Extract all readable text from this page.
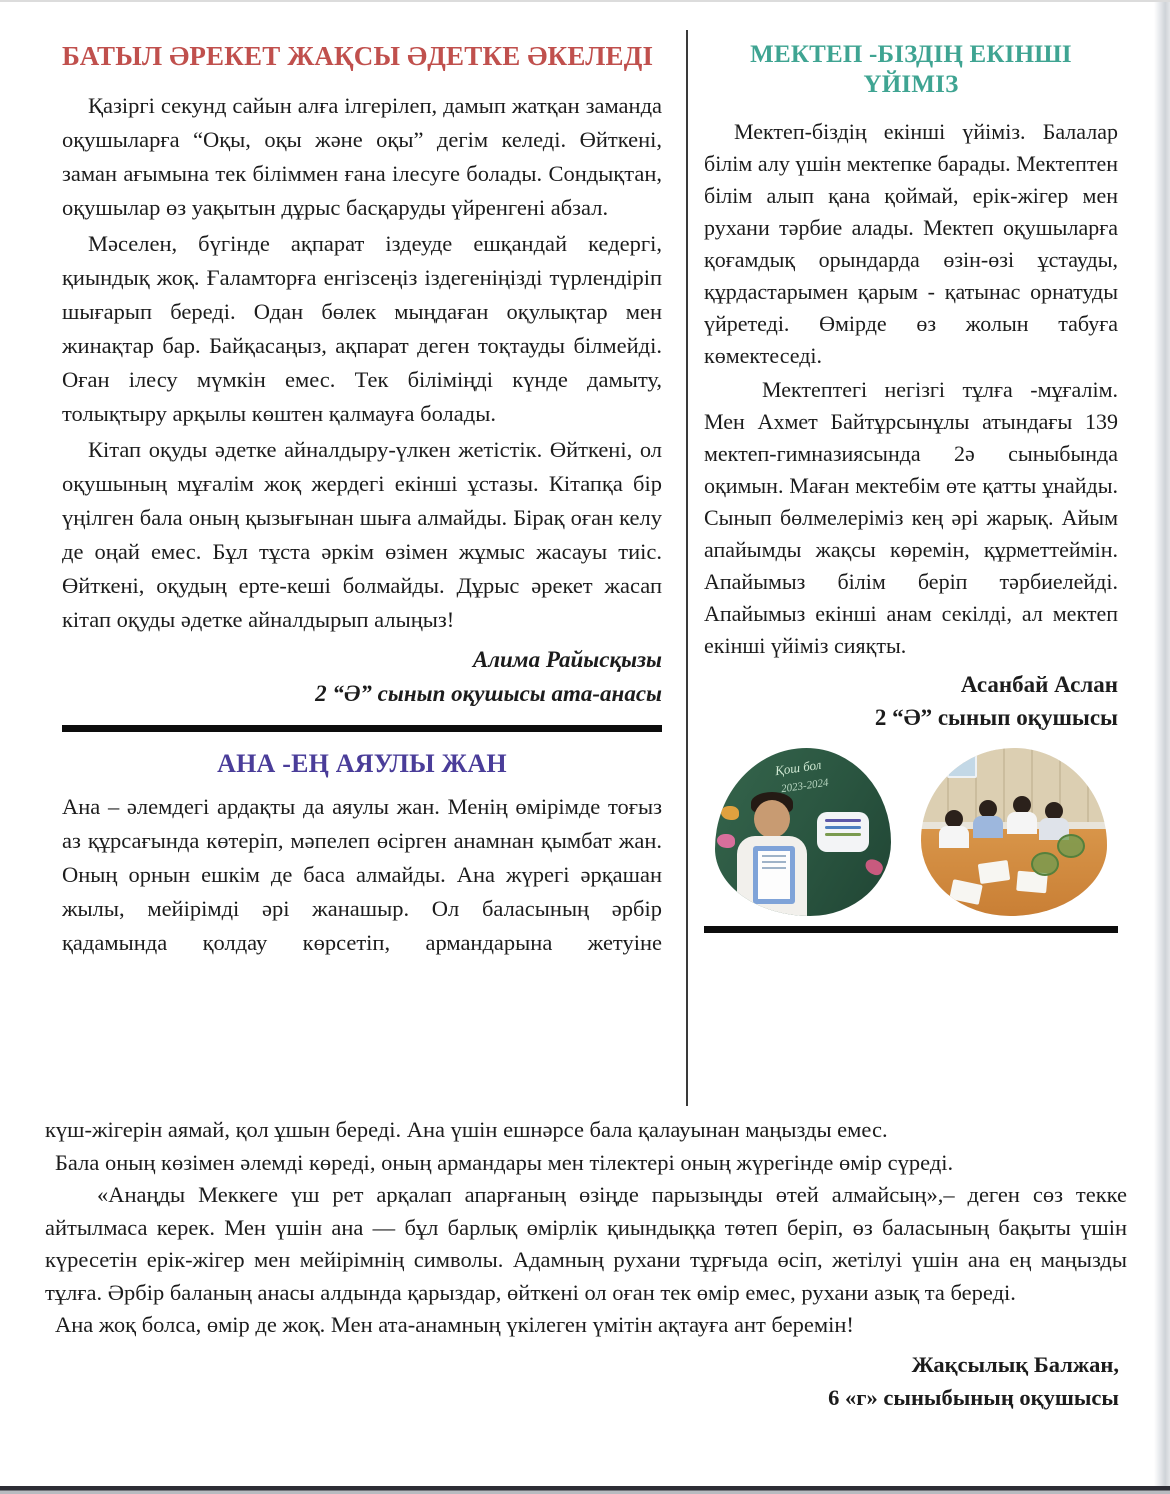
БАТЫЛ ӘРЕКЕТ ЖАҚСЫ ӘДЕТКЕ ӘКЕЛЕДІ

Қазіргі секунд сайын алға ілгерілеп, дамып жатқан заманда оқушыларға “Оқы, оқы және оқы” дегім келеді. Өйткені, заман ағымына тек біліммен ғана ілесуге болады. Сондықтан, оқушылар өз уақытын дұрыс басқаруды үйренгені абзал.

Мәселен, бүгінде ақпарат іздеуде ешқандай кедергі, қиындық жоқ. Ғаламторға енгізсеңіз іздегеніңізді түрлендіріп шығарып береді. Одан бөлек мыңдаған оқулықтар мен жинақтар бар. Байқасаңыз, ақпарат деген тоқтауды білмейді. Оған ілесу мүмкін емес. Тек біліміңді күнде дамыту, толықтыру арқылы көштен қалмауға болады.

Кітап оқуды әдетке айналдыру-үлкен жетістік. Өйткені, ол оқушының мұғалім жоқ жердегі екінші ұстазы. Кітапқа бір үңілген бала оның қызығынан шыға алмайды. Бірақ оған келу де оңай емес. Бұл тұста әркім өзімен жұмыс жасауы тиіс. Өйткені, оқудың ерте-кеші болмайды. Дұрыс әрекет жасап кітап оқуды әдетке айналдырып алыңыз!

Алима Райысқызы
2 “Ә” сынып оқушысы ата-анасы
АНА -ЕҢ АЯУЛЫ ЖАН

Ана – әлемдегі ардақты да аяулы жан. Менің өмірімде тоғыз аз құрсағында көтеріп, мәпелеп өсірген анамнан қымбат жан. Оның орнын ешкім де баса алмайды. Ана жүрегі әрқашан жылы, мейірімді әрі жанашыр. Ол баласының әрбір қадамында қолдау көрсетіп, армандарына жетуіне

МЕКТЕП -БІЗДІҢ ЕКІНШІ ҮЙІМІЗ

Мектеп-біздің екінші үйіміз. Балалар білім алу үшін мектепке барады. Мектептен білім алып қана қоймай, ерік-жігер мен рухани тәрбие алады. Мектеп оқушыларға қоғамдық орындарда өзін-өзі ұстауды, құрдастарымен қарым - қатынас орнатуды үйретеді. Өмірде өз жолын табуға көмектеседі.

Мектептегі негізгі тұлға -мұғалім. Мен Ахмет Байтұрсынұлы атындағы 139 мектеп-гимназиясында 2ә сыныбында оқимын. Маған мектебім өте қатты ұнайды. Сынып бөлмелеріміз кең әрі жарық. Айым апайымды жақсы көремін, құрметтеймін. Апайымыз білім беріп тәрбиелейді. Апайымыз екінші анам секілді, ал мектеп екінші үйіміз сияқты.

Асанбай Аслан
2 “Ә” сынып оқушысы
Қош бол
2023-2024

күш-жігерін аямай, қол ұшын береді. Ана үшін ешнәрсе бала қалауынан маңызды емес.

Бала оның көзімен әлемді көреді, оның армандары мен тілектері оның жүрегінде өмір сүреді.

«Анаңды Меккеге үш рет арқалап апарғаның өзіңде парызыңды өтей алмайсың»,– деген сөз текке айтылмаса керек. Мен үшін ана — бұл барлық өмірлік қиындыққа төтеп беріп, өз баласының бақыты үшін күресетін ерік-жігер мен мейірімнің символы. Адамның рухани тұрғыда өсіп, жетілуі үшін ана ең маңызды тұлға. Әрбір баланың анасы алдында қарыздар, өйткені ол оған тек өмір емес, рухани азық та береді.

Ана жоқ болса, өмір де жоқ. Мен ата-анамның үкілеген үмітін ақтауға ант беремін!

Жақсылық Балжан,
6 «г» сыныбының оқушысы
